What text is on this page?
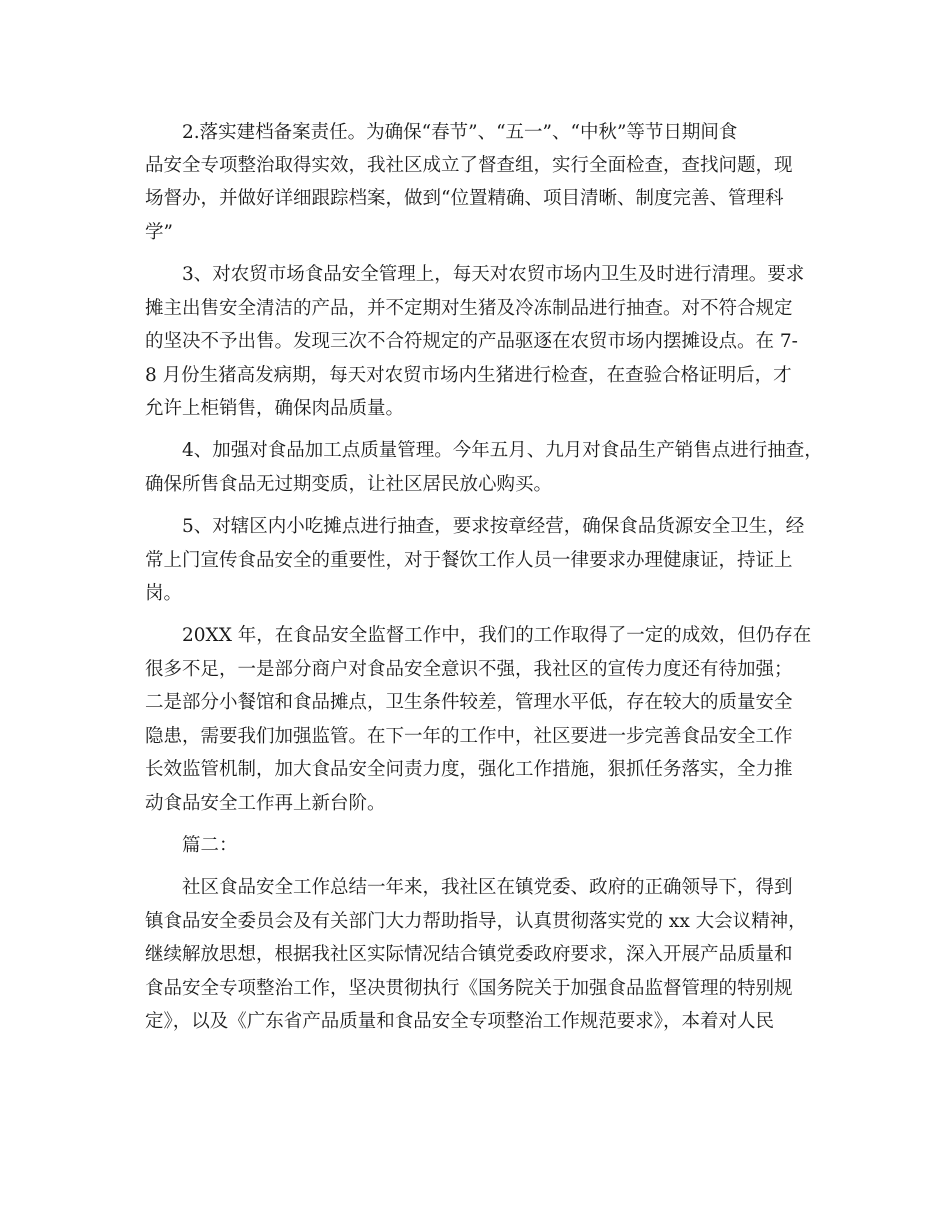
2.落实建档备案责任。为确保“春节”、“五一”、“中秋”等节日期间食

品安全专项整治取得实效，我社区成立了督查组，实行全面检查，查找问题，现

场督办，并做好详细跟踪档案，做到“位置精确、项目清晰、制度完善、管理科

学”

3、对农贸市场食品安全管理上，每天对农贸市场内卫生及时进行清理。要求

摊主出售安全清洁的产品，并不定期对生猪及冷冻制品进行抽查。对不符合规定

的坚决不予出售。发现三次不合符规定的产品驱逐在农贸市场内摆摊设点。在 7-

8 月份生猪高发病期，每天对农贸市场内生猪进行检查，在查验合格证明后，才

允许上柜销售，确保肉品质量。

4、加强对食品加工点质量管理。今年五月、九月对食品生产销售点进行抽查，

确保所售食品无过期变质，让社区居民放心购买。

5、对辖区内小吃摊点进行抽查，要求按章经营，确保食品货源安全卫生，经

常上门宣传食品安全的重要性，对于餐饮工作人员一律要求办理健康证，持证上

岗。

20XX 年，在食品安全监督工作中，我们的工作取得了一定的成效，但仍存在

很多不足，一是部分商户对食品安全意识不强，我社区的宣传力度还有待加强；

二是部分小餐馆和食品摊点，卫生条件较差，管理水平低，存在较大的质量安全

隐患，需要我们加强监管。在下一年的工作中，社区要进一步完善食品安全工作

长效监管机制，加大食品安全问责力度，强化工作措施，狠抓任务落实，全力推

动食品安全工作再上新台阶。

篇二：

社区食品安全工作总结一年来，我社区在镇党委、政府的正确领导下，得到

镇食品安全委员会及有关部门大力帮助指导，认真贯彻落实党的 xx 大会议精神，

继续解放思想，根据我社区实际情况结合镇党委政府要求，深入开展产品质量和

食品安全专项整治工作，坚决贯彻执行《国务院关于加强食品监督管理的特别规

定》，以及《广东省产品质量和食品安全专项整治工作规范要求》，本着对人民
